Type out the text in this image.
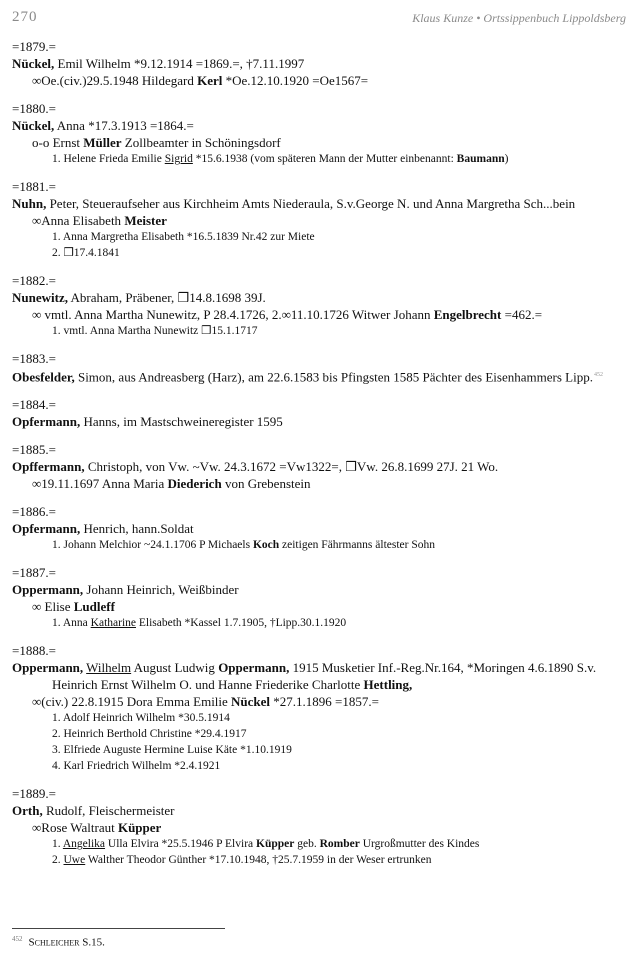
270	Klaus Kunze • Ortssippenbuch Lippoldsberg
=1879.=
Nückel, Emil Wilhelm *9.12.1914 =1869.=, †7.11.1997
∞Oe.(civ.)29.5.1948 Hildegard Kerl *Oe.12.10.1920 =Oe1567=
=1880.=
Nückel, Anna *17.3.1913 =1864.=
o-o Ernst Müller Zollbeamter in Schöningsdorf
1. Helene Frieda Emilie Sigrid *15.6.1938 (vom späteren Mann der Mutter einbenannt: Baumann)
=1881.=
Nuhn, Peter, Steueraufseher aus Kirchheim Amts Niederaula, S.v.George N. und Anna Margretha Sch...bein
∞Anna Elisabeth Meister
1. Anna Margretha Elisabeth *16.5.1839 Nr.42 zur Miete
2. ❒17.4.1841
=1882.=
Nunewitz, Abraham, Präbener, ❒14.8.1698 39J.
∞ vmtl. Anna Martha Nunewitz, P 28.4.1726, 2.∞11.10.1726 Witwer Johann Engelbrecht =462.=
1. vmtl. Anna Martha Nunewitz ❒15.1.1717
=1883.=
Obesfelder, Simon, aus Andreasberg (Harz), am 22.6.1583 bis Pfingsten 1585 Pächter des Eisenhammers Lipp.$^{452}$
=1884.=
Opfermann, Hanns, im Mastschweineregister 1595
=1885.=
Opffermann, Christoph, von Vw. ~Vw. 24.3.1672 =Vw1322=, ❒Vw. 26.8.1699 27J. 21 Wo.
∞19.11.1697 Anna Maria Diederich von Grebenstein
=1886.=
Opfermann, Henrich, hann.Soldat
1. Johann Melchior ~24.1.1706 P Michaels Koch zeitigen Fährmanns ältester Sohn
=1887.=
Oppermann, Johann Heinrich, Weißbinder
∞ Elise Ludleff
1. Anna Katharine Elisabeth *Kassel 1.7.1905, †Lipp.30.1.1920
=1888.=
Oppermann, Wilhelm August Ludwig Oppermann, 1915 Musketier Inf.-Reg.Nr.164, *Moringen 4.6.1890 S.v. Heinrich Ernst Wilhelm O. und Hanne Friederike Charlotte Hettling,
∞(civ.) 22.8.1915 Dora Emma Emilie Nückel *27.1.1896 =1857.=
1. Adolf Heinrich Wilhelm *30.5.1914
2. Heinrich Berthold Christine *29.4.1917
3. Elfriede Auguste Hermine Luise Käte *1.10.1919
4. Karl Friedrich Wilhelm *2.4.1921
=1889.=
Orth, Rudolf, Fleischermeister
∞Rose Waltraut Küpper
1. Angelika Ulla Elvira *25.5.1946 P Elvira Küpper geb. Romber Urgroßmutter des Kindes
2. Uwe Walther Theodor Günther *17.10.1948, †25.7.1959 in der Weser ertrunken
$^{452}$ Schleicher S.15.
